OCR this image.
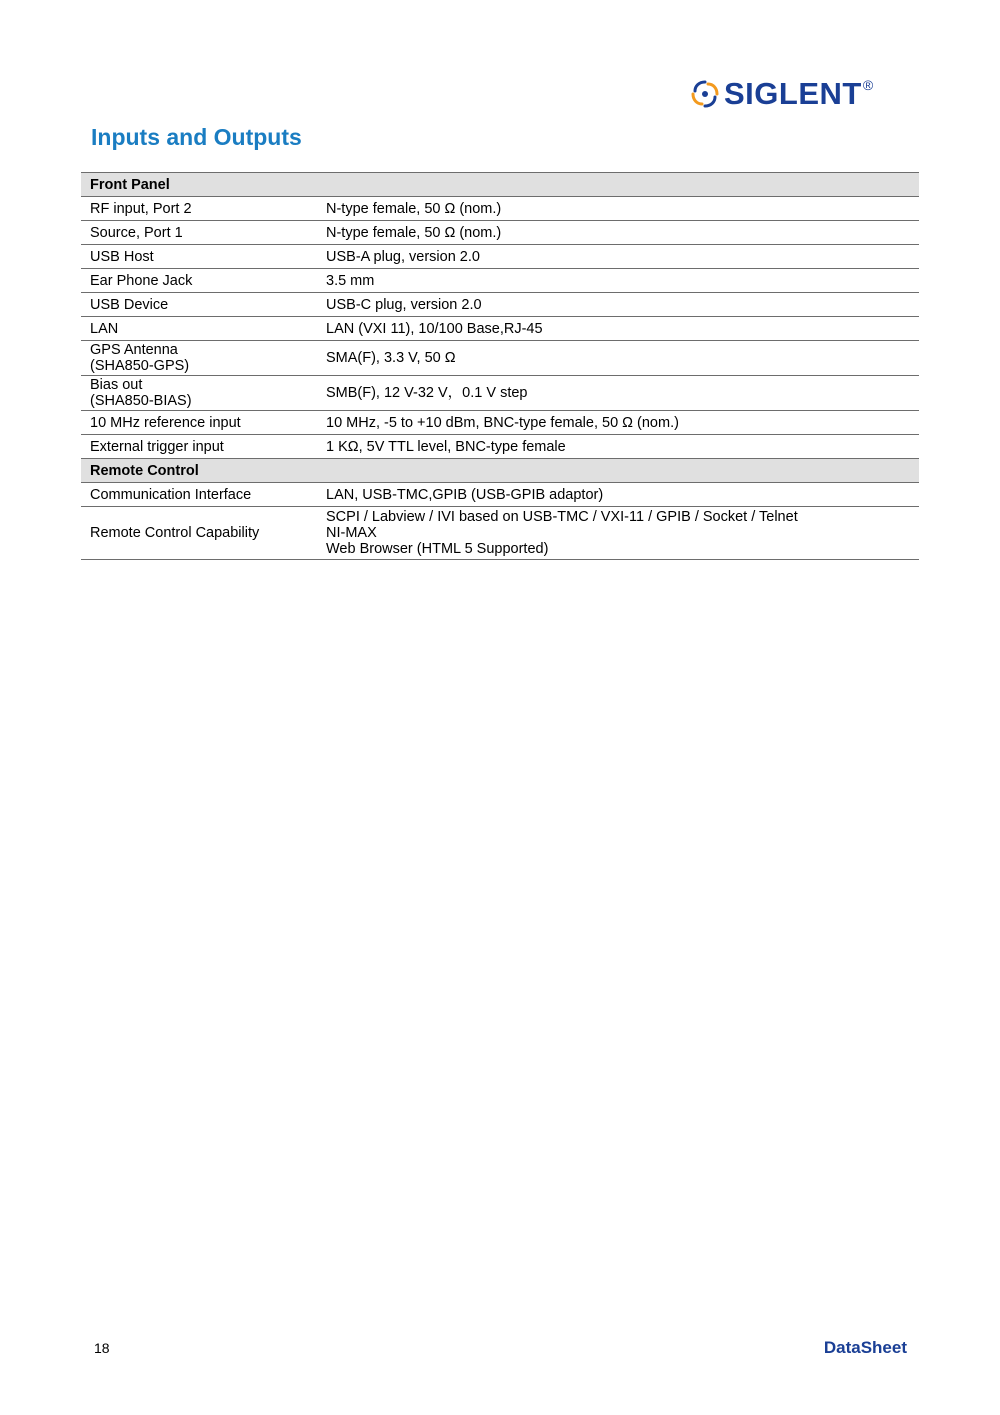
SIGLENT ®
Inputs and Outputs
Front Panel	
RF input, Port 2	N-type female, 50 Ω (nom.)
Source, Port 1	N-type female, 50 Ω (nom.)
USB Host	USB-A plug, version 2.0
Ear Phone Jack	3.5 mm
USB Device	USB-C plug, version 2.0
LAN	LAN (VXI 11), 10/100 Base,RJ-45

GPS Antenna
(SHA850-GPS)	SMA(F), 3.3 V, 50 Ω

Bias out
(SHA850-BIAS)	SMB(F), 12 V-32 V，0.1 V step
10 MHz reference input	10 MHz, -5 to +10 dBm, BNC-type female, 50 Ω (nom.)
External trigger input	1 KΩ, 5V TTL level, BNC-type female
Remote Control	
Communication Interface	LAN, USB-TMC,GPIB (USB-GPIB adaptor)
Remote Control Capability	SCPI / Labview / IVI based on USB-TMC / VXI-11 / GPIB / Socket / Telnet
NI-MAX
Web Browser (HTML 5 Supported)
18	DataSheet
